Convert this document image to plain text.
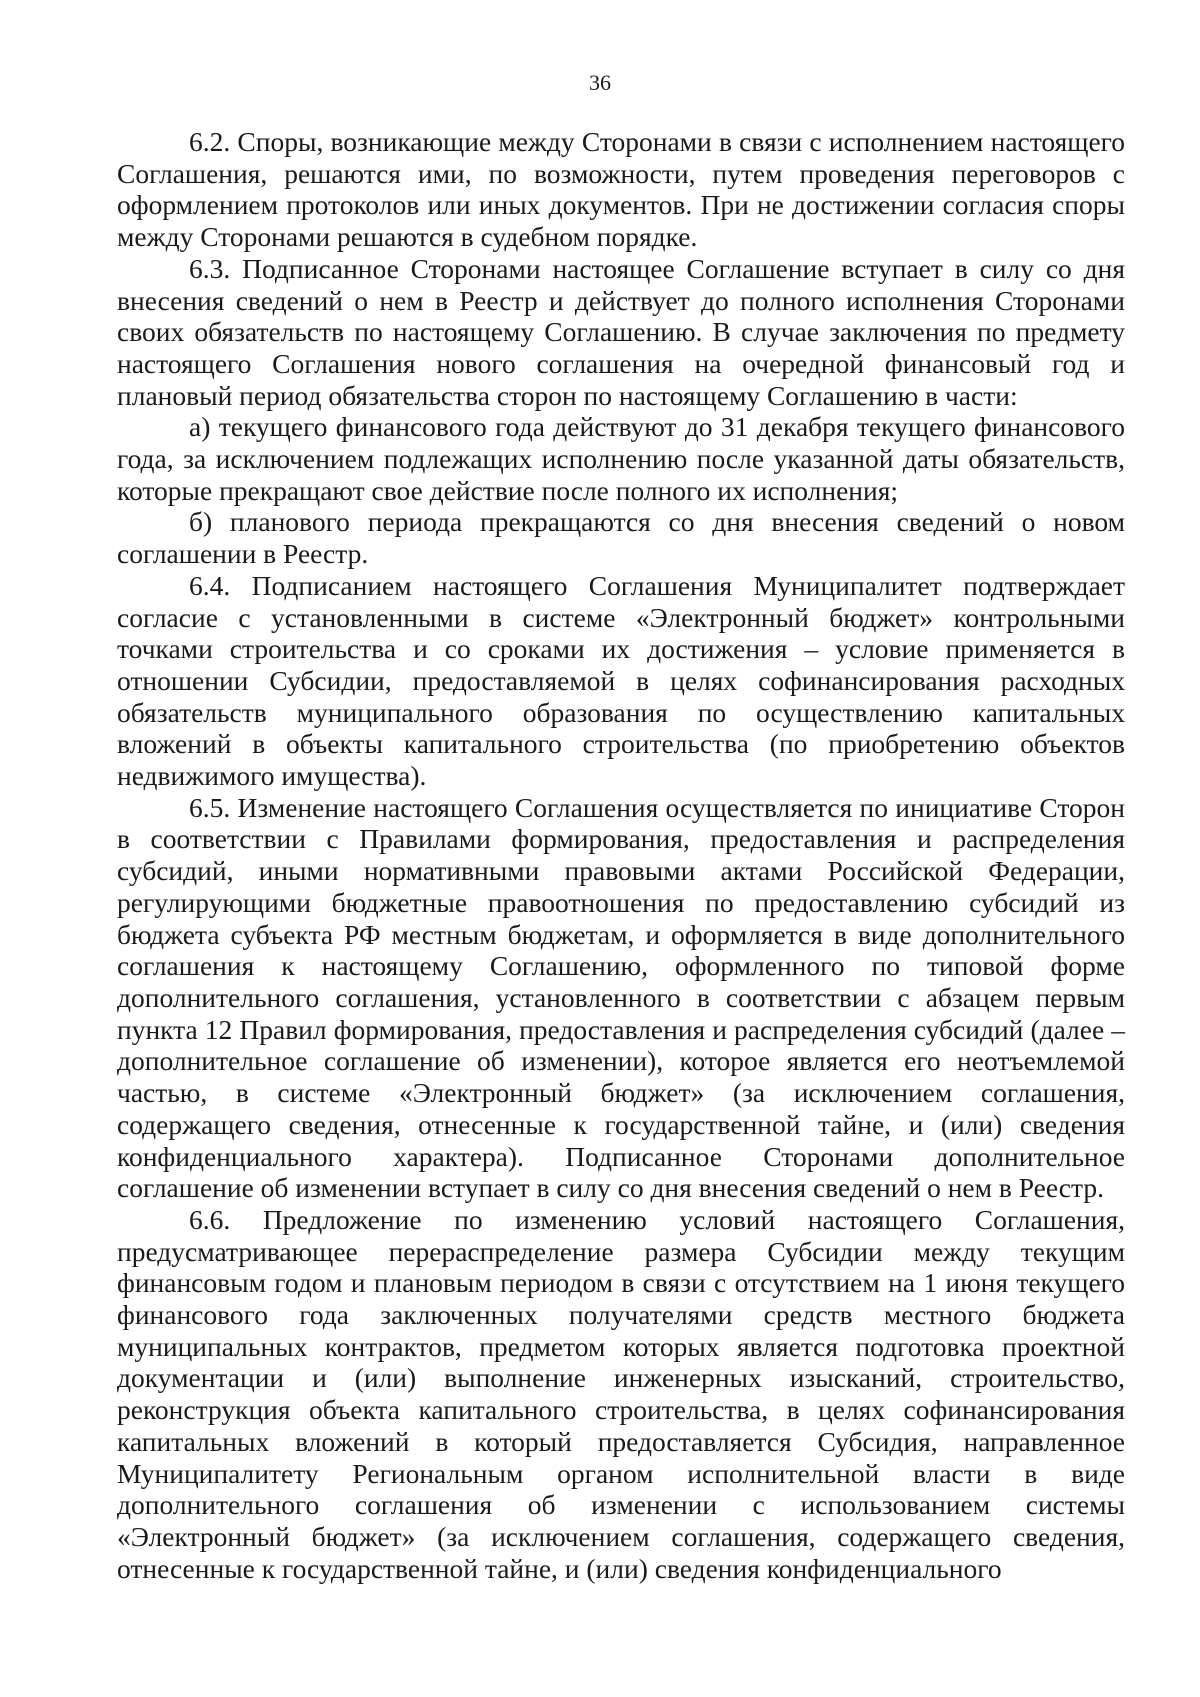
36

6.2. Споры, возникающие между Сторонами в связи с исполнением настоящего Соглашения, решаются ими, по возможности, путем проведения переговоров с оформлением протоколов или иных документов. При не достижении согласия споры между Сторонами решаются в судебном порядке.

6.3. Подписанное Сторонами настоящее Соглашение вступает в силу со дня внесения сведений о нем в Реестр и действует до полного исполнения Сторонами своих обязательств по настоящему Соглашению. В случае заключения по предмету настоящего Соглашения нового соглашения на очередной финансовый год и плановый период обязательства сторон по настоящему Соглашению в части:

а) текущего финансового года действуют до 31 декабря текущего финансового года, за исключением подлежащих исполнению после указанной даты обязательств, которые прекращают свое действие после полного их исполнения;

б) планового периода прекращаются со дня внесения сведений о новом соглашении в Реестр.

6.4. Подписанием настоящего Соглашения Муниципалитет подтверждает согласие с установленными в системе «Электронный бюджет» контрольными точками строительства и со сроками их достижения – условие применяется в отношении Субсидии, предоставляемой в целях софинансирования расходных обязательств муниципального образования по осуществлению капитальных вложений в объекты капитального строительства (по приобретению объектов недвижимого имущества).

6.5. Изменение настоящего Соглашения осуществляется по инициативе Сторон в соответствии с Правилами формирования, предоставления и распределения субсидий, иными нормативными правовыми актами Российской Федерации, регулирующими бюджетные правоотношения по предоставлению субсидий из бюджета субъекта РФ местным бюджетам, и оформляется в виде дополнительного соглашения к настоящему Соглашению, оформленного по типовой форме дополнительного соглашения, установленного в соответствии с абзацем первым пункта 12 Правил формирования, предоставления и распределения субсидий (далее – дополнительное соглашение об изменении), которое является его неотъемлемой частью, в системе «Электронный бюджет» (за исключением соглашения, содержащего сведения, отнесенные к государственной тайне, и (или) сведения конфиденциального характера). Подписанное Сторонами дополнительное соглашение об изменении вступает в силу со дня внесения сведений о нем в Реестр.

6.6. Предложение по изменению условий настоящего Соглашения, предусматривающее перераспределение размера Субсидии между текущим финансовым годом и плановым периодом в связи с отсутствием на 1 июня текущего финансового года заключенных получателями средств местного бюджета муниципальных контрактов, предметом которых является подготовка проектной документации и (или) выполнение инженерных изысканий, строительство, реконструкция объекта капитального строительства, в целях софинансирования капитальных вложений в который предоставляется Субсидия, направленное Муниципалитету Региональным органом исполнительной власти в виде дополнительного соглашения об изменении с использованием системы «Электронный бюджет» (за исключением соглашения, содержащего сведения, отнесенные к государственной тайне, и (или) сведения конфиденциального
